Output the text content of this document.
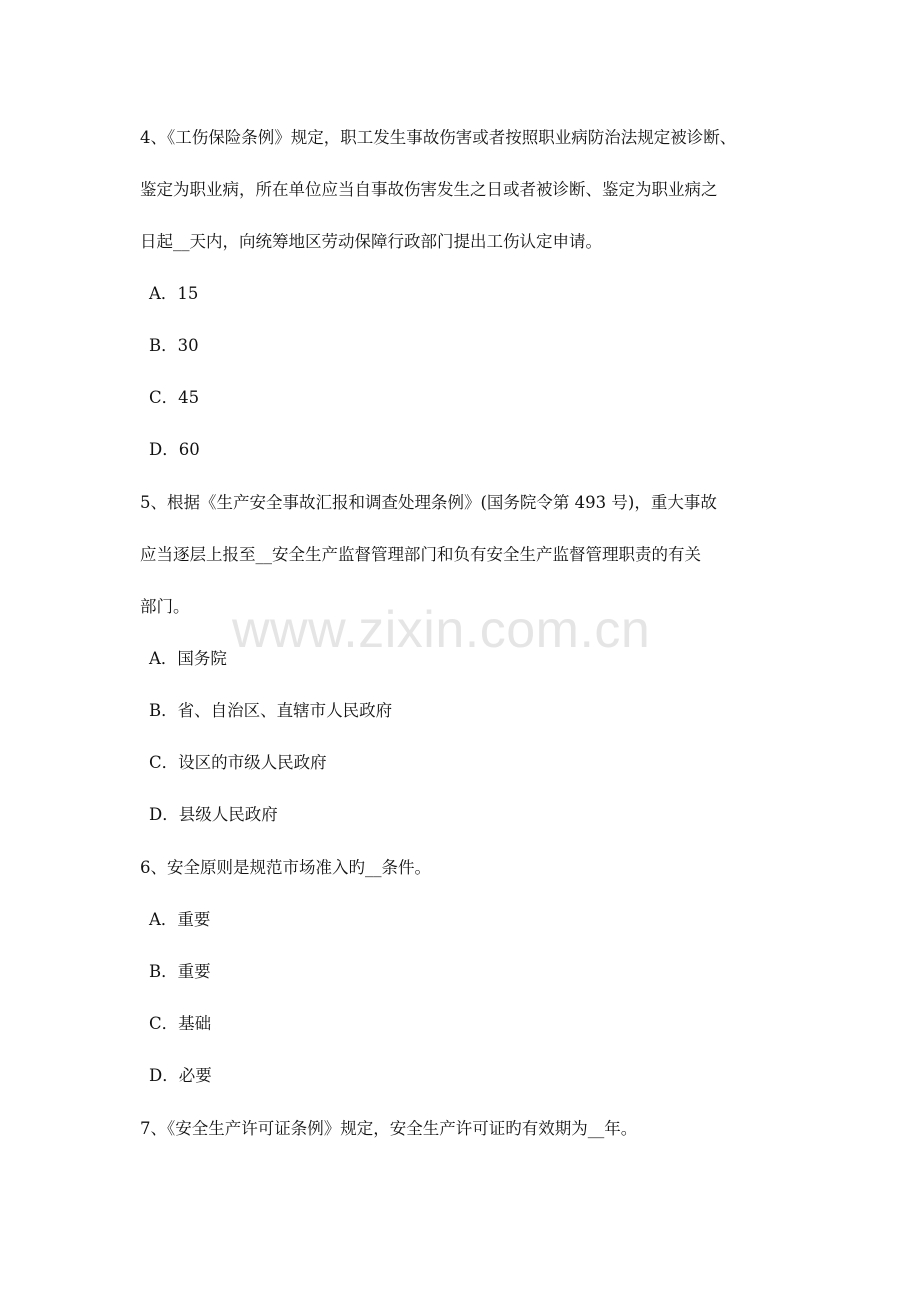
www.zixin.com.cn
4、《工伤保险条例》规定，职工发生事故伤害或者按照职业病防治法规定被诊断、
鉴定为职业病，所在单位应当自事故伤害发生之日或者被诊断、鉴定为职业病之
日起__天内，向统筹地区劳动保障行政部门提出工伤认定申请。
A．15
B．30
C．45
D．60
5、根据《生产安全事故汇报和调查处理条例》(国务院令第 493 号)，重大事故
应当逐层上报至__安全生产监督管理部门和负有安全生产监督管理职责的有关
部门。
A．国务院
B．省、自治区、直辖市人民政府
C．设区的市级人民政府
D．县级人民政府
6、安全原则是规范市场准入旳__条件。
A．重要
B．重要
C．基础
D．必要
7、《安全生产许可证条例》规定，安全生产许可证旳有效期为__年。
